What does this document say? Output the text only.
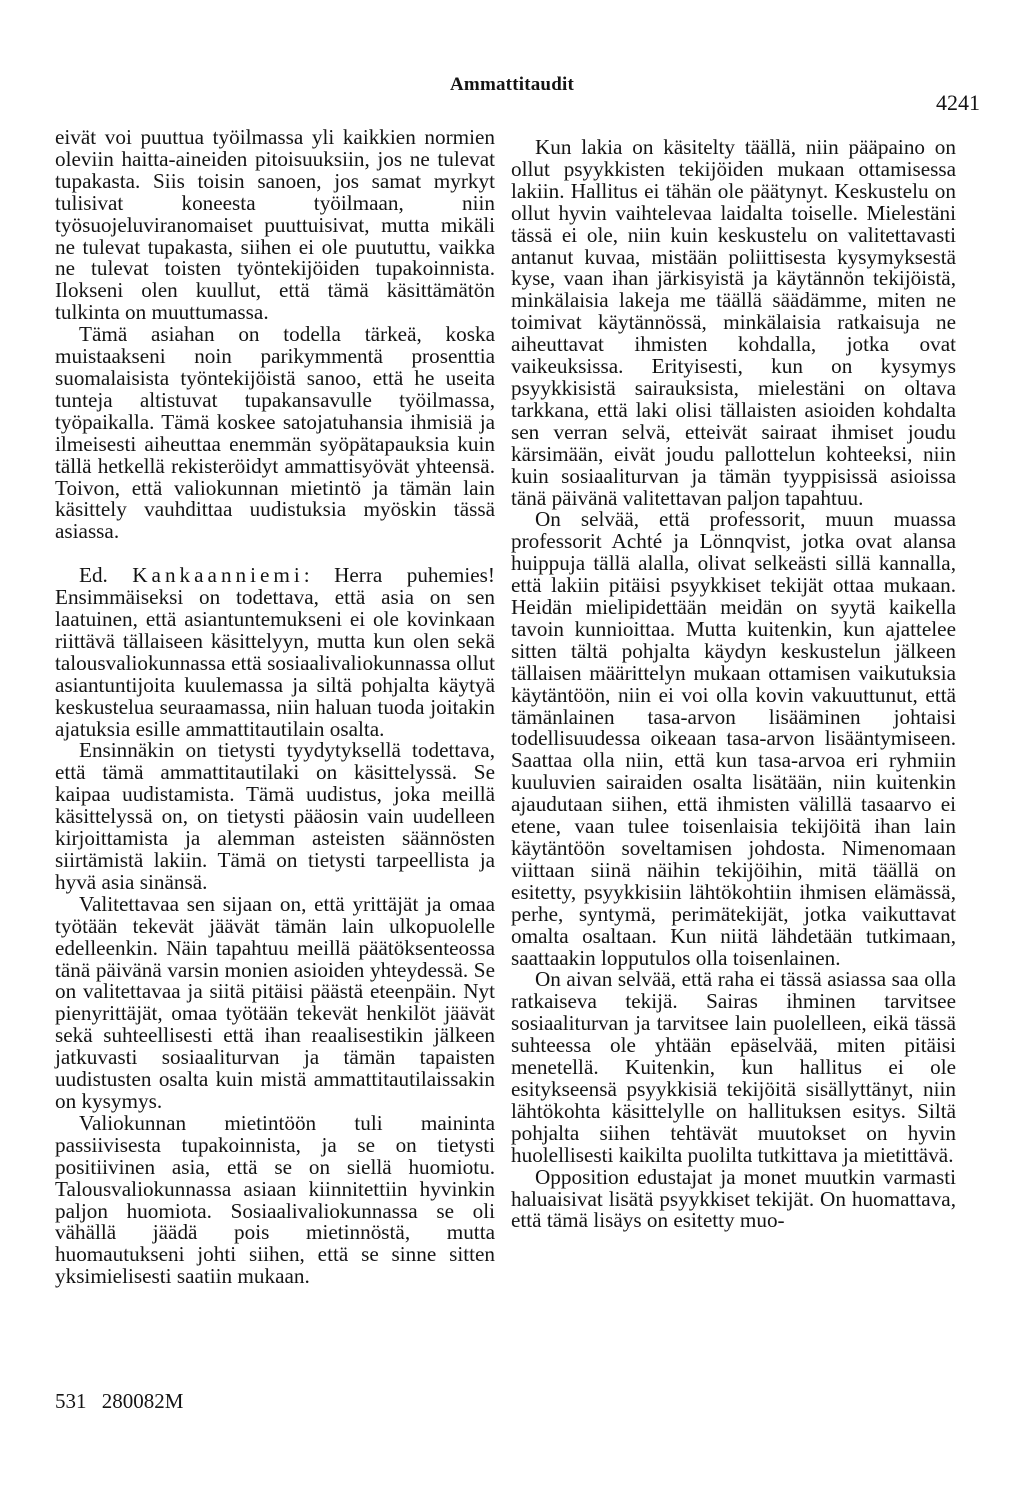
Ammattitaudit
4241

eivät voi puuttua työilmassa yli kaikkien normien oleviin haitta-aineiden pitoisuuksiin, jos ne tulevat tupakasta. Siis toisin sanoen, jos samat myrkyt tulisivat koneesta työilmaan, niin työsuojeluviranomaiset puuttuisivat, mutta mikäli ne tulevat tupakasta, siihen ei ole puututtu, vaikka ne tulevat toisten työntekijöiden tupakoinnista. Ilokseni olen kuullut, että tämä käsittämätön tulkinta on muuttumassa.

Tämä asiahan on todella tärkeä, koska muistaakseni noin parikymmentä prosenttia suomalaisista työntekijöistä sanoo, että he useita tunteja altistuvat tupakansavulle työilmassa, työpaikalla. Tämä koskee satojatuhansia ihmisiä ja ilmeisesti aiheuttaa enemmän syöpätapauksia kuin tällä hetkellä rekisteröidyt ammattisyövät yhteensä. Toivon, että valiokunnan mietintö ja tämän lain käsittely vauhdittaa uudistuksia myöskin tässä asiassa.

Ed. Kankaanniemi: Herra puhemies! Ensimmäiseksi on todettava, että asia on sen laatuinen, että asiantuntemukseni ei ole kovinkaan riittävä tällaiseen käsittelyyn, mutta kun olen sekä talousvaliokunnassa että sosiaalivaliokunnassa ollut asiantuntijoita kuulemassa ja siltä pohjalta käytyä keskustelua seuraamassa, niin haluan tuoda joitakin ajatuksia esille ammattitautilain osalta.

Ensinnäkin on tietysti tyydytyksellä todettava, että tämä ammattitautilaki on käsittelyssä. Se kaipaa uudistamista. Tämä uudistus, joka meillä käsittelyssä on, on tietysti pääosin vain uudelleen kirjoittamista ja alemman asteisten säännösten siirtämistä lakiin. Tämä on tietysti tarpeellista ja hyvä asia sinänsä.

Valitettavaa sen sijaan on, että yrittäjät ja omaa työtään tekevät jäävät tämän lain ulkopuolelle edelleenkin. Näin tapahtuu meillä päätöksenteossa tänä päivänä varsin monien asioiden yhteydessä. Se on valitettavaa ja siitä pitäisi päästä eteenpäin. Nyt pienyrittäjät, omaa työtään tekevät henkilöt jäävät sekä suhteellisesti että ihan reaalisestikin jälkeen jatkuvasti sosiaaliturvan ja tämän tapaisten uudistusten osalta kuin mistä ammattitautilaissakin on kysymys.

Valiokunnan mietintöön tuli maininta passiivisesta tupakoinnista, ja se on tietysti positiivinen asia, että se on siellä huomiotu. Talousvaliokunnassa asiaan kiinnitettiin hyvinkin paljon huomiota. Sosiaalivaliokunnassa se oli vähällä jäädä pois mietinnöstä, mutta huomautukseni johti siihen, että se sinne sitten yksimielisesti saatiin mukaan.

Kun lakia on käsitelty täällä, niin pääpaino on ollut psyykkisten tekijöiden mukaan ottamisessa lakiin. Hallitus ei tähän ole päätynyt. Keskustelu on ollut hyvin vaihtelevaa laidalta toiselle. Mielestäni tässä ei ole, niin kuin keskustelu on valitettavasti antanut kuvaa, mistään poliittisesta kysymyksestä kyse, vaan ihan järkisyistä ja käytännön tekijöistä, minkälaisia lakeja me täällä säädämme, miten ne toimivat käytännössä, minkälaisia ratkaisuja ne aiheuttavat ihmisten kohdalla, jotka ovat vaikeuksissa. Erityisesti, kun on kysymys psyykkisistä sairauksista, mielestäni on oltava tarkkana, että laki olisi tällaisten asioiden kohdalta sen verran selvä, etteivät sairaat ihmiset joudu kärsimään, eivät joudu pallottelun kohteeksi, niin kuin sosiaaliturvan ja tämän tyyppisissä asioissa tänä päivänä valitettavan paljon tapahtuu.

On selvää, että professorit, muun muassa professorit Achté ja Lönnqvist, jotka ovat alansa huippuja tällä alalla, olivat selkeästi sillä kannalla, että lakiin pitäisi psyykkiset tekijät ottaa mukaan. Heidän mielipidettään meidän on syytä kaikella tavoin kunnioittaa. Mutta kuitenkin, kun ajattelee sitten tältä pohjalta käydyn keskustelun jälkeen tällaisen määrittelyn mukaan ottamisen vaikutuksia käytäntöön, niin ei voi olla kovin vakuuttunut, että tämänlainen tasa-arvon lisääminen johtaisi todellisuudessa oikeaan tasa-arvon lisääntymiseen. Saattaa olla niin, että kun tasa-arvoa eri ryhmiin kuuluvien sairaiden osalta lisätään, niin kuitenkin ajaudutaan siihen, että ihmisten välillä tasaarvo ei etene, vaan tulee toisenlaisia tekijöitä ihan lain käytäntöön soveltamisen johdosta. Nimenomaan viittaan siinä näihin tekijöihin, mitä täällä on esitetty, psyykkisiin lähtökohtiin ihmisen elämässä, perhe, syntymä, perimätekijät, jotka vaikuttavat omalta osaltaan. Kun niitä lähdetään tutkimaan, saattaakin lopputulos olla toisenlainen.

On aivan selvää, että raha ei tässä asiassa saa olla ratkaiseva tekijä. Sairas ihminen tarvitsee sosiaaliturvan ja tarvitsee lain puolelleen, eikä tässä suhteessa ole yhtään epäselvää, miten pitäisi menetellä. Kuitenkin, kun hallitus ei ole esitykseensä psyykkisiä tekijöitä sisällyttänyt, niin lähtökohta käsittelylle on hallituksen esitys. Siltä pohjalta siihen tehtävät muutokset on hyvin huolellisesti kaikilta puolilta tutkittava ja mietittävä.

Opposition edustajat ja monet muutkin varmasti haluaisivat lisätä psyykkiset tekijät. On huomattava, että tämä lisäys on esitetty muo-

531 280082M
